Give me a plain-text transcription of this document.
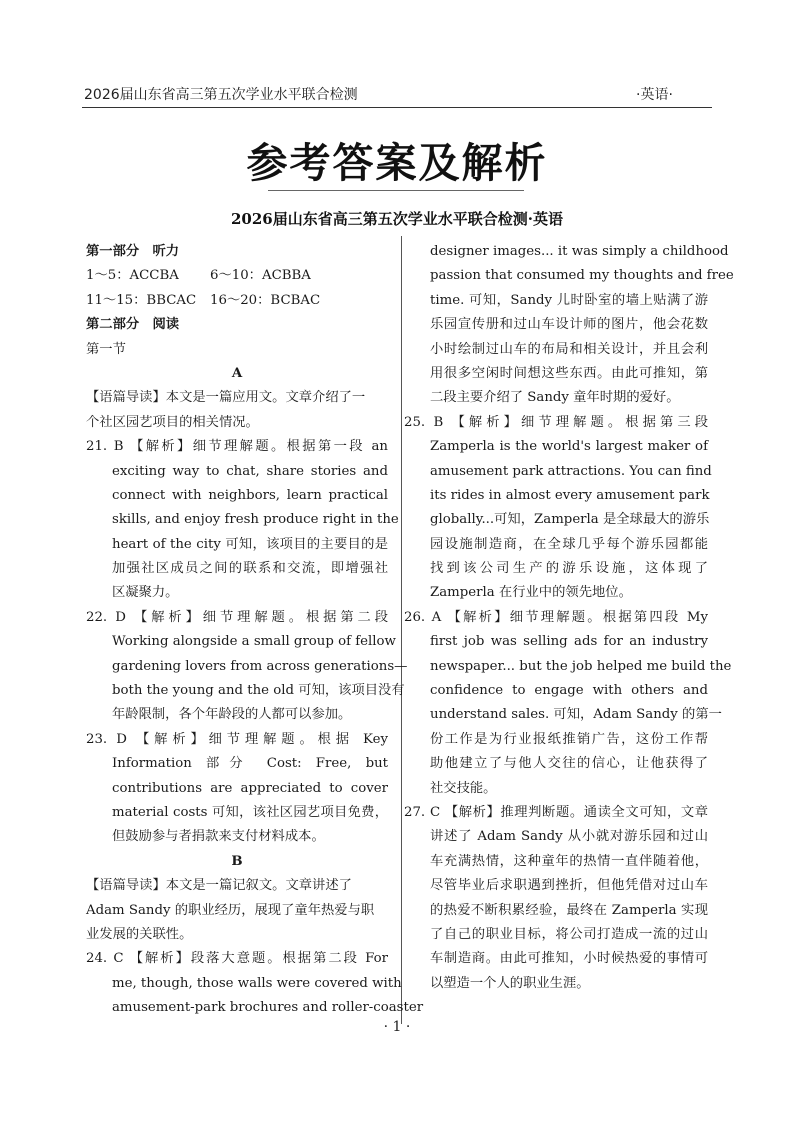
2026届山东省高三第五次学业水平联合检测	·英语·
参考答案及解析
2026届山东省高三第五次学业水平联合检测·英语
第一部分　听力
1～5：ACCBA 6～10：ACBBA
11～15：BBCAC 16～20：BCBAC
第二部分　阅读
第一节
A
【语篇导读】本文是一篇应用文。文章介绍了一
个社区园艺项目的相关情况。
21. B 【解析】细节理解题。根据第一段 an
exciting way to chat, share stories and
connect with neighbors, learn practical
skills, and enjoy fresh produce right in the
heart of the city 可知，该项目的主要目的是
加强社区成员之间的联系和交流，即增强社
区凝聚力。
22. D 【解析】细节理解题。根据第二段
Working alongside a small group of fellow
gardening lovers from across generations—
both the young and the old 可知，该项目没有
年龄限制，各个年龄段的人都可以参加。
23. D 【解析】细节理解题。根据 Key
Information 部分 Cost: Free, but
contributions are appreciated to cover
material costs 可知，该社区园艺项目免费，
但鼓励参与者捐款来支付材料成本。
B
【语篇导读】本文是一篇记叙文。文章讲述了
Adam Sandy 的职业经历，展现了童年热爱与职
业发展的关联性。
24. C 【解析】段落大意题。根据第二段 For
me, though, those walls were covered with
amusement-park brochures and roller-coaster
designer images... it was simply a childhood
passion that consumed my thoughts and free
time. 可知，Sandy 儿时卧室的墙上贴满了游
乐园宣传册和过山车设计师的图片，他会花数
小时绘制过山车的布局和相关设计，并且会利
用很多空闲时间想这些东西。由此可推知，第
二段主要介绍了 Sandy 童年时期的爱好。
25. B 【解析】细节理解题。根据第三段
Zamperla is the world's largest maker of
amusement park attractions. You can find
its rides in almost every amusement park
globally...可知，Zamperla 是全球最大的游乐
园设施制造商，在全球几乎每个游乐园都能
找到该公司生产的游乐设施，这体现了
Zamperla 在行业中的领先地位。
26. A 【解析】细节理解题。根据第四段 My
first job was selling ads for an industry
newspaper... but the job helped me build the
confidence to engage with others and
understand sales. 可知，Adam Sandy 的第一
份工作是为行业报纸推销广告，这份工作帮
助他建立了与他人交往的信心，让他获得了
社交技能。
27. C 【解析】推理判断题。通读全文可知，文章
讲述了 Adam Sandy 从小就对游乐园和过山
车充满热情，这种童年的热情一直伴随着他，
尽管毕业后求职遇到挫折，但他凭借对过山车
的热爱不断积累经验，最终在 Zamperla 实现
了自己的职业目标，将公司打造成一流的过山
车制造商。由此可推知，小时候热爱的事情可
以塑造一个人的职业生涯。
· 1 ·
